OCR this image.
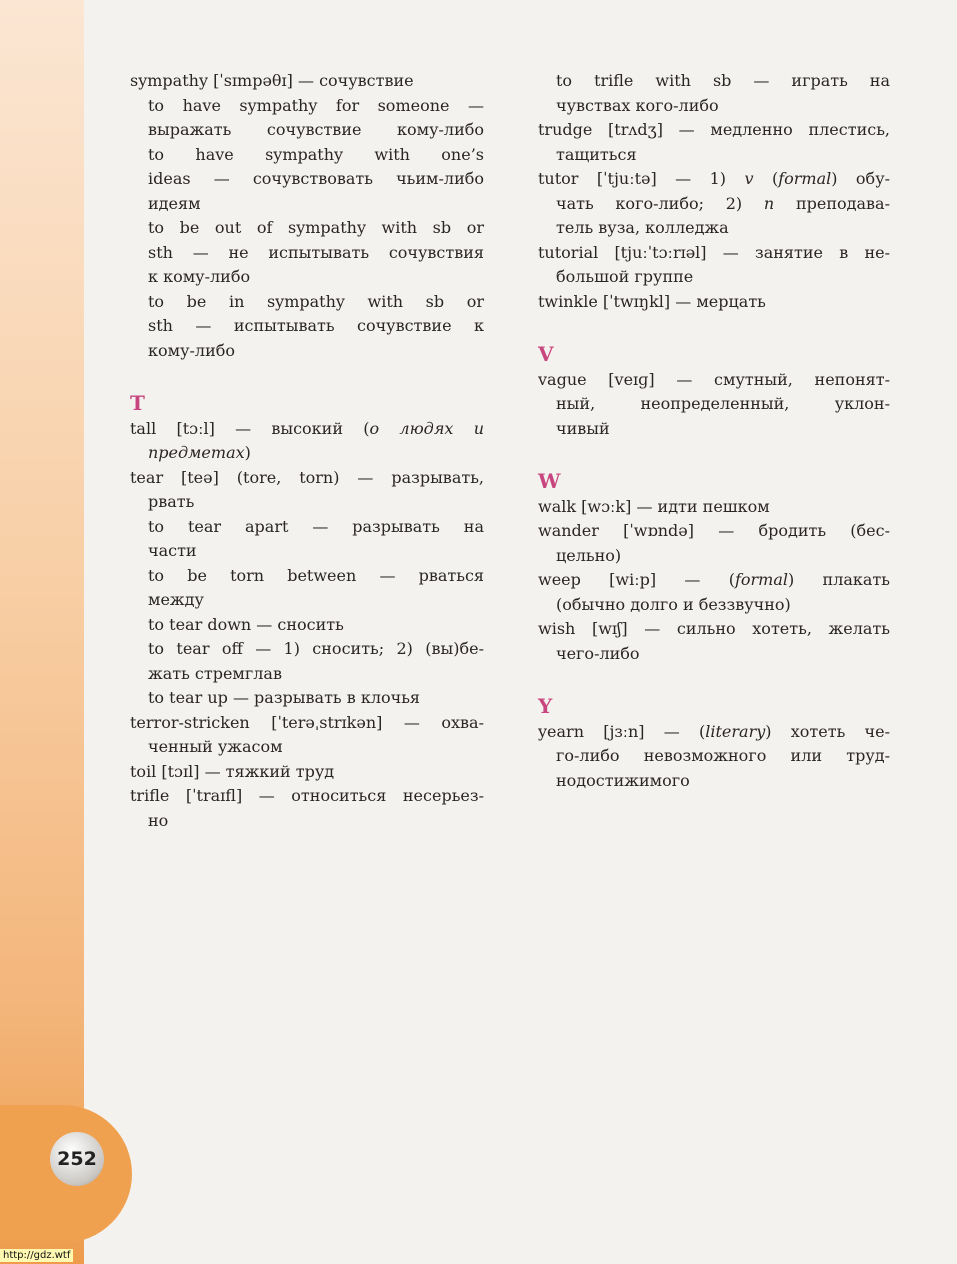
252
http://gdz.wtf
sympathy [ˈsɪmpəθɪ] — сочувствие
to have sympathy for someone —
выражать сочувствие кому-либо
to have sympathy with one’s
ideas — сочувствовать чьим-либо
идеям
to be out of sympathy with sb or
sth — не испытывать сочувствия
к кому-либо
to be in sympathy with sb or
sth — испытывать сочувствие к
кому-либо
T
tall [tɔːl] — высокий (о людях и
предметах)
tear [teə] (tore, torn) — разрывать,
рвать
to tear apart — разрывать на
части
to be torn between — рваться
между
to tear down — сносить
to tear off — 1) сносить; 2) (вы)бе-
жать стремглав
to tear up — разрывать в клочья
terror-stricken [ˈterəˌstrɪkən] — охва-
ченный ужасом
toil [tɔɪl] — тяжкий труд
trifle [ˈtraɪfl] — относиться несерьез-
но
to trifle with sb — играть на
чувствах кого-либо
trudge [trʌdʒ] — медленно плестись,
тащиться
tutor [ˈtjuːtə] — 1) v (formal) обу-
чать кого-либо; 2) n преподава-
тель вуза, колледжа
tutorial [tjuːˈtɔːrɪəl] — занятие в не-
большой группе
twinkle [ˈtwɪŋkl] — мерцать
V
vague [veɪɡ] — смутный, непонят-
ный, неопределенный, уклон-
чивый
W
walk [wɔːk] — идти пешком
wander [ˈwɒndə] — бродить (бес-
цельно)
weep [wiːp] — (formal) плакать
(обычно долго и беззвучно)
wish [wɪʃ] — сильно хотеть, желать
чего-либо
Y
yearn [jɜːn] — (literary) хотеть че-
го-либо невозможного или труд-
нодостижимого
